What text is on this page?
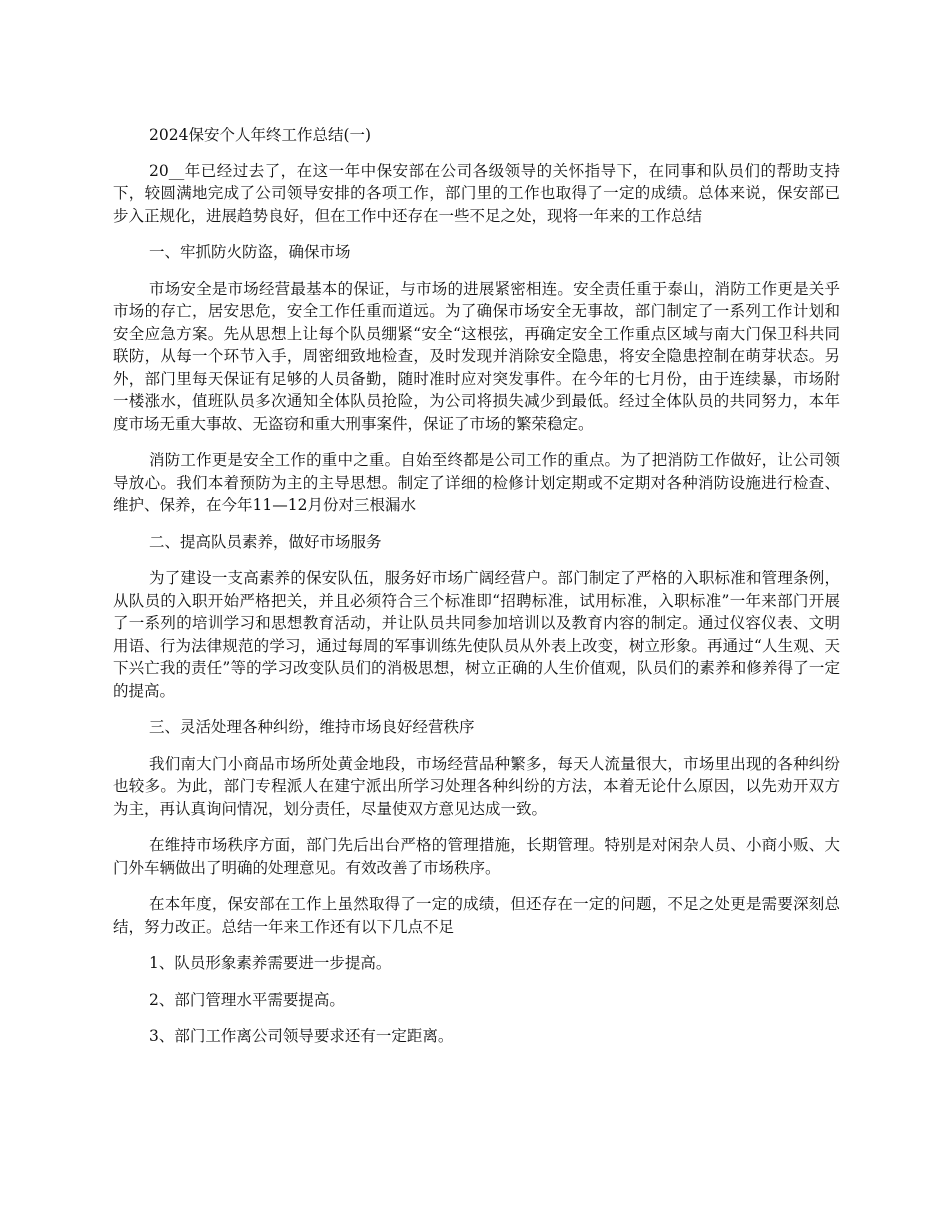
2024保安个人年终工作总结(一)

20__年已经过去了，在这一年中保安部在公司各级领导的关怀指导下，在同事和队员们的帮助支持下，较圆满地完成了公司领导安排的各项工作，部门里的工作也取得了一定的成绩。总体来说，保安部已步入正规化，进展趋势良好，但在工作中还存在一些不足之处，现将一年来的工作总结

一、牢抓防火防盗，确保市场

市场安全是市场经营最基本的保证，与市场的进展紧密相连。安全责任重于泰山，消防工作更是关乎市场的存亡，居安思危，安全工作任重而道远。为了确保市场安全无事故，部门制定了一系列工作计划和安全应急方案。先从思想上让每个队员绷紧“安全“这根弦，再确定安全工作重点区域与南大门保卫科共同联防，从每一个环节入手，周密细致地检查，及时发现并消除安全隐患，将安全隐患控制在萌芽状态。另外，部门里每天保证有足够的人员备勤，随时准时应对突发事件。在今年的七月份，由于连续暴，市场附一楼涨水，值班队员多次通知全体队员抢险，为公司将损失减少到最低。经过全体队员的共同努力，本年度市场无重大事故、无盗窃和重大刑事案件，保证了市场的繁荣稳定。

消防工作更是安全工作的重中之重。自始至终都是公司工作的重点。为了把消防工作做好，让公司领导放心。我们本着预防为主的主导思想。制定了详细的检修计划定期或不定期对各种消防设施进行检查、维护、保养，在今年11—12月份对三根漏水

二、提高队员素养，做好市场服务

为了建设一支高素养的保安队伍，服务好市场广阔经营户。部门制定了严格的入职标准和管理条例，从队员的入职开始严格把关，并且必须符合三个标准即“招聘标准，试用标准，入职标准”一年来部门开展了一系列的培训学习和思想教育活动，并让队员共同参加培训以及教育内容的制定。通过仪容仪表、文明用语、行为法律规范的学习，通过每周的军事训练先使队员从外表上改变，树立形象。再通过“人生观、天下兴亡我的责任”等的学习改变队员们的消极思想，树立正确的人生价值观，队员们的素养和修养得了一定的提高。

三、灵活处理各种纠纷，维持市场良好经营秩序

我们南大门小商品市场所处黄金地段，市场经营品种繁多，每天人流量很大，市场里出现的各种纠纷也较多。为此，部门专程派人在建宁派出所学习处理各种纠纷的方法，本着无论什么原因，以先劝开双方为主，再认真询问情况，划分责任，尽量使双方意见达成一致。

在维持市场秩序方面，部门先后出台严格的管理措施，长期管理。特别是对闲杂人员、小商小贩、大门外车辆做出了明确的处理意见。有效改善了市场秩序。

在本年度，保安部在工作上虽然取得了一定的成绩，但还存在一定的问题，不足之处更是需要深刻总结，努力改正。总结一年来工作还有以下几点不足

1、队员形象素养需要进一步提高。

2、部门管理水平需要提高。

3、部门工作离公司领导要求还有一定距离。
